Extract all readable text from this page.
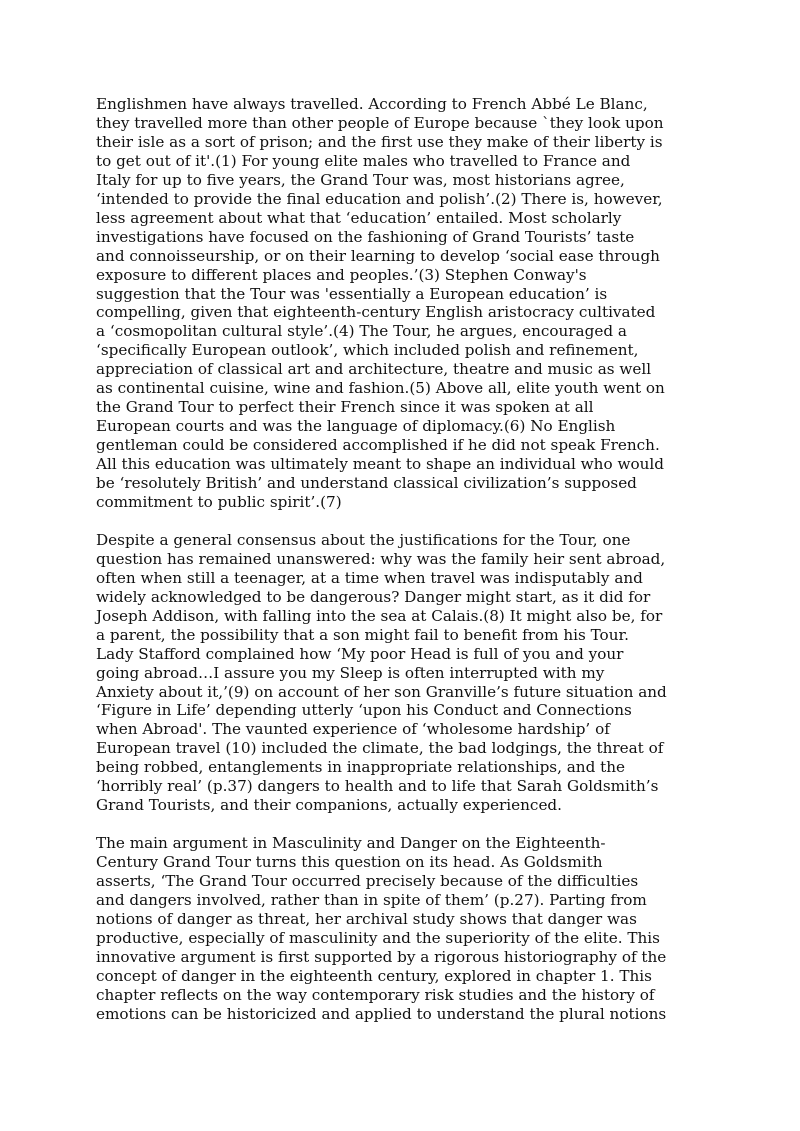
Englishmen have always travelled. According to French Abbé Le Blanc,
they travelled more than other people of Europe because `they look upon
their isle as a sort of prison; and the first use they make of their liberty is
to get out of it'.(1) For young elite males who travelled to France and
Italy for up to five years, the Grand Tour was, most historians agree,
‘intended to provide the final education and polish’.(2) There is, however,
less agreement about what that ‘education’ entailed. Most scholarly
investigations have focused on the fashioning of Grand Tourists’ taste
and connoisseurship, or on their learning to develop ‘social ease through
exposure to different places and peoples.’(3) Stephen Conway's
suggestion that the Tour was 'essentially a European education’ is
compelling, given that eighteenth-century English aristocracy cultivated
a ‘cosmopolitan cultural style’.(4) The Tour, he argues, encouraged a
‘specifically European outlook’, which included polish and refinement,
appreciation of classical art and architecture, theatre and music as well
as continental cuisine, wine and fashion.(5) Above all, elite youth went on
the Grand Tour to perfect their French since it was spoken at all
European courts and was the language of diplomacy.(6) No English
gentleman could be considered accomplished if he did not speak French.
All this education was ultimately meant to shape an individual who would
be ‘resolutely British’ and understand classical civilization’s supposed
commitment to public spirit’.(7)

Despite a general consensus about the justifications for the Tour, one
question has remained unanswered: why was the family heir sent abroad,
often when still a teenager, at a time when travel was indisputably and
widely acknowledged to be dangerous? Danger might start, as it did for
Joseph Addison, with falling into the sea at Calais.(8) It might also be, for
a parent, the possibility that a son might fail to benefit from his Tour.
Lady Stafford complained how ‘My poor Head is full of you and your
going abroad…I assure you my Sleep is often interrupted with my
Anxiety about it,’(9) on account of her son Granville’s future situation and
‘Figure in Life’ depending utterly ‘upon his Conduct and Connections
when Abroad'. The vaunted experience of ‘wholesome hardship’ of
European travel (10) included the climate, the bad lodgings, the threat of
being robbed, entanglements in inappropriate relationships, and the
‘horribly real’ (p.37) dangers to health and to life that Sarah Goldsmith’s
Grand Tourists, and their companions, actually experienced.

The main argument in Masculinity and Danger on the Eighteenth-
Century Grand Tour turns this question on its head. As Goldsmith
asserts, ‘The Grand Tour occurred precisely because of the difficulties
and dangers involved, rather than in spite of them’ (p.27). Parting from
notions of danger as threat, her archival study shows that danger was
productive, especially of masculinity and the superiority of the elite. This
innovative argument is first supported by a rigorous historiography of the
concept of danger in the eighteenth century, explored in chapter 1. This
chapter reflects on the way contemporary risk studies and the history of
emotions can be historicized and applied to understand the plural notions
